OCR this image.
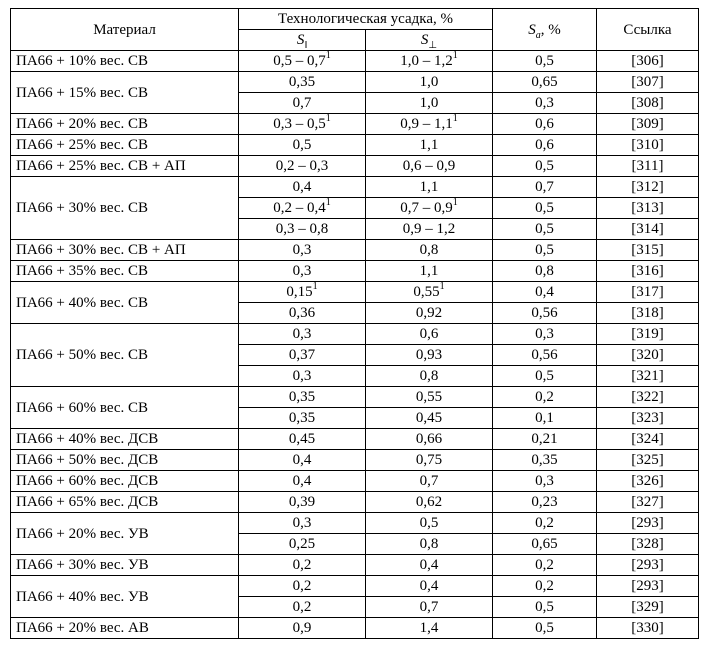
Материал	Технологическая усадка, %		$S_a$, %	Ссылка
	$S_‖$	$S_\perp$
ПА66 + 10% вес. СВ	$0,5 - 0,7^1$	$1,0 - 1,2^1$	0,5	[306]
ПА66 + 15% вес. СВ	0,35	1,0	0,65	[307]
	0,7	1,0	0,3	[308]
ПА66 + 20% вес. СВ	$0,3 - 0,5^1$	$0,9 - 1,1^1$	0,6	[309]
ПА66 + 25% вес. СВ	0,5	1,1	0,6	[310]
ПА66 + 25% вес. СВ + АП	0,2 – 0,3	0,6 – 0,9	0,5	[311]
ПА66 + 30% вес. СВ	0,4	1,1	0,7	[312]
	$0,2 - 0,4^1$	$0,7 - 0,9^1$	0,5	[313]
	0,3 – 0,8	0,9 – 1,2	0,5	[314]
ПА66 + 30% вес. СВ + АП	0,3	0,8	0,5	[315]
ПА66 + 35% вес. СВ	0,3	1,1	0,8	[316]
ПА66 + 40% вес. СВ	0,15$^1$	0,55$^1$	0,4	[317]
	0,36	0,92	0,56	[318]
ПА66 + 50% вес. СВ	0,3	0,6	0,3	[319]
	0,37	0,93	0,56	[320]
	0,3	0,8	0,5	[321]
ПА66 + 60% вес. СВ	0,35	0,55	0,2	[322]
	0,35	0,45	0,1	[323]
ПА66 + 40% вес. ДСВ	0,45	0,66	0,21	[324]
ПА66 + 50% вес. ДСВ	0,4	0,75	0,35	[325]
ПА66 + 60% вес. ДСВ	0,4	0,7	0,3	[326]
ПА66 + 65% вес. ДСВ	0,39	0,62	0,23	[327]
ПА66 + 20% вес. УВ	0,3	0,5	0,2	[293]
	0,25	0,8	0,65	[328]
ПА66 + 30% вес. УВ	0,2	0,4	0,2	[293]
ПА66 + 40% вес. УВ	0,2	0,4	0,2	[293]
	0,2	0,7	0,5	[329]
ПА66 + 20% вес. АВ	0,9	1,4	0,5	[330]
